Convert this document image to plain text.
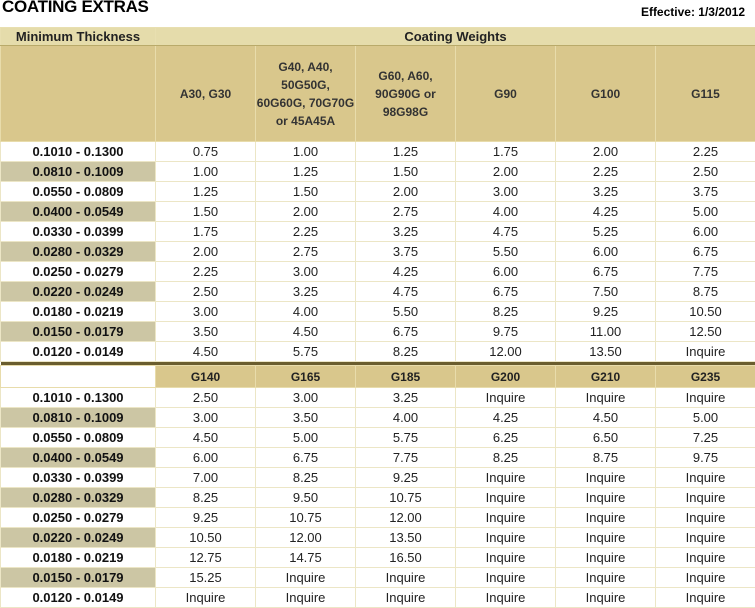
COATING EXTRAS	Effective: 1/3/2012
Minimum Thickness	Coating Weights					
	A30, G30	G40, A40, 50G50G, 60G60G, 70G70G or 45A45A	G60, A60, 90G90G or 98G98G	G90	G100	G115
0.1010 - 0.1300	0.75	1.00	1.25	1.75	2.00	2.25
0.0810 - 0.1009	1.00	1.25	1.50	2.00	2.25	2.50
0.0550 - 0.0809	1.25	1.50	2.00	3.00	3.25	3.75
0.0400 - 0.0549	1.50	2.00	2.75	4.00	4.25	5.00
0.0330 - 0.0399	1.75	2.25	3.25	4.75	5.25	6.00
0.0280 - 0.0329	2.00	2.75	3.75	5.50	6.00	6.75
0.0250 - 0.0279	2.25	3.00	4.25	6.00	6.75	7.75
0.0220 - 0.0249	2.50	3.25	4.75	6.75	7.50	8.75
0.0180 - 0.0219	3.00	4.00	5.50	8.25	9.25	10.50
0.0150 - 0.0179	3.50	4.50	6.75	9.75	11.00	12.50
0.0120 - 0.0149	4.50	5.75	8.25	12.00	13.50	Inquire

	G140	G165	G185	G200	G210	G235
0.1010 - 0.1300	2.50	3.00	3.25	Inquire	Inquire	Inquire
0.0810 - 0.1009	3.00	3.50	4.00	4.25	4.50	5.00
0.0550 - 0.0809	4.50	5.00	5.75	6.25	6.50	7.25
0.0400 - 0.0549	6.00	6.75	7.75	8.25	8.75	9.75
0.0330 - 0.0399	7.00	8.25	9.25	Inquire	Inquire	Inquire
0.0280 - 0.0329	8.25	9.50	10.75	Inquire	Inquire	Inquire
0.0250 - 0.0279	9.25	10.75	12.00	Inquire	Inquire	Inquire
0.0220 - 0.0249	10.50	12.00	13.50	Inquire	Inquire	Inquire
0.0180 - 0.0219	12.75	14.75	16.50	Inquire	Inquire	Inquire
0.0150 - 0.0179	15.25	Inquire	Inquire	Inquire	Inquire	Inquire
0.0120 - 0.0149	Inquire	Inquire	Inquire	Inquire	Inquire	Inquire
